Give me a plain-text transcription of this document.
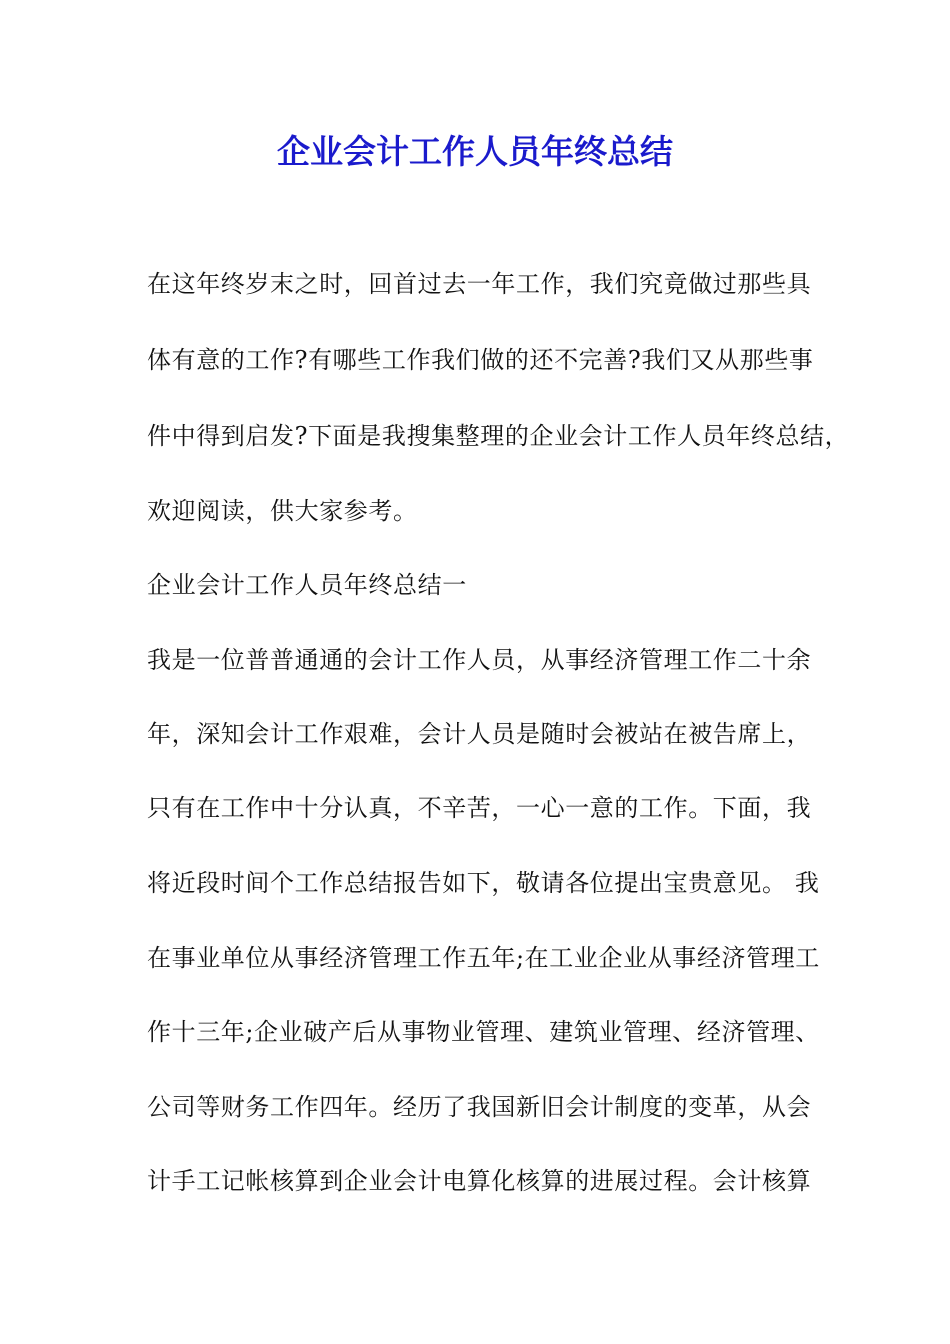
企业会计工作人员年终总结
在这年终岁末之时，回首过去一年工作，我们究竟做过那些具
体有意的工作?有哪些工作我们做的还不完善?我们又从那些事
件中得到启发?下面是我搜集整理的企业会计工作人员年终总结，
欢迎阅读，供大家参考。
企业会计工作人员年终总结一
我是一位普普通通的会计工作人员，从事经济管理工作二十余
年，深知会计工作艰难，会计人员是随时会被站在被告席上，
只有在工作中十分认真，不辛苦，一心一意的工作。下面，我
将近段时间个工作总结报告如下，敬请各位提出宝贵意见。 我
在事业单位从事经济管理工作五年;在工业企业从事经济管理工
作十三年;企业破产后从事物业管理、建筑业管理、经济管理、
公司等财务工作四年。经历了我国新旧会计制度的变革，从会
计手工记帐核算到企业会计电算化核算的进展过程。会计核算
